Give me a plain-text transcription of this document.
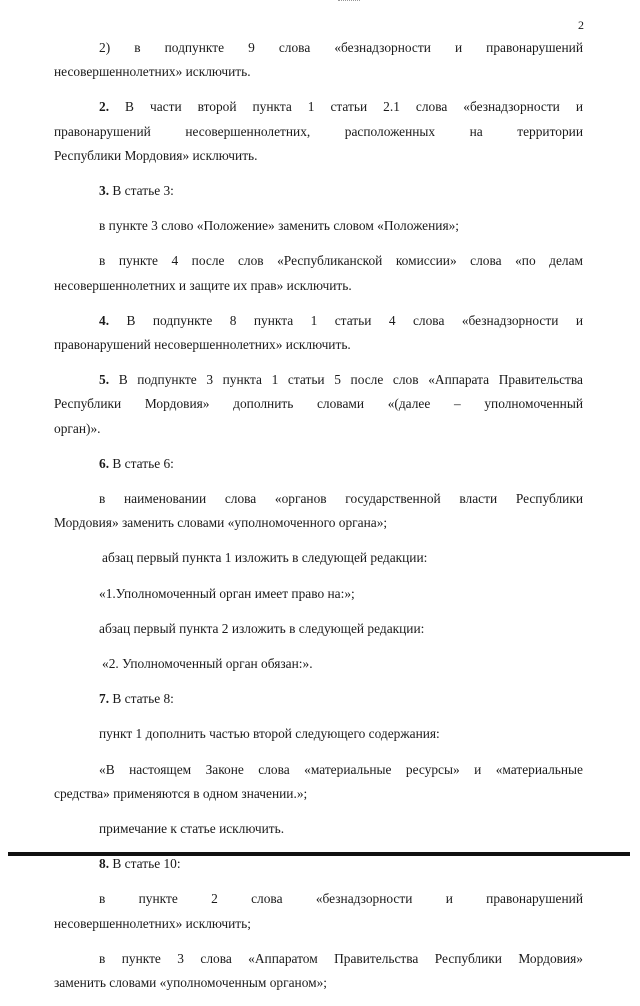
2

2) в подпункте 9 слова «безнадзорности и правонарушений

несовершеннолетних» исключить.

2. В части второй пункта 1 статьи 2.1 слова «безнадзорности и

правонарушений несовершеннолетних, расположенных на территории

Республики Мордовия» исключить.

3. В статье 3:

в пункте 3 слово «Положение» заменить словом «Положения»;

в пункте 4 после слов «Республиканской комиссии» слова «по делам

несовершеннолетних и защите их прав» исключить.

4. В подпункте 8 пункта 1 статьи 4 слова «безнадзорности и

правонарушений несовершеннолетних» исключить.

5. В подпункте 3 пункта 1 статьи 5 после слов «Аппарата Правительства

Республики Мордовия» дополнить словами «(далее – уполномоченный

орган)».

6. В статье 6:

в наименовании слова «органов государственной власти Республики

Мордовия» заменить словами «уполномоченного органа»;

абзац первый пункта 1 изложить в следующей редакции:

«1.Уполномоченный орган имеет право на:»;

абзац первый пункта 2 изложить в следующей редакции:

«2. Уполномоченный орган обязан:».

7. В статье 8:

пункт 1 дополнить частью второй следующего содержания:

«В настоящем Законе слова «материальные ресурсы» и «материальные

средства» применяются в одном значении.»;

примечание к статье исключить.

8. В статье 10:

в пункте 2 слова «безнадзорности и правонарушений

несовершеннолетних» исключить;

в пункте 3 слова «Аппаратом Правительства Республики Мордовия»

заменить словами «уполномоченным органом»;
